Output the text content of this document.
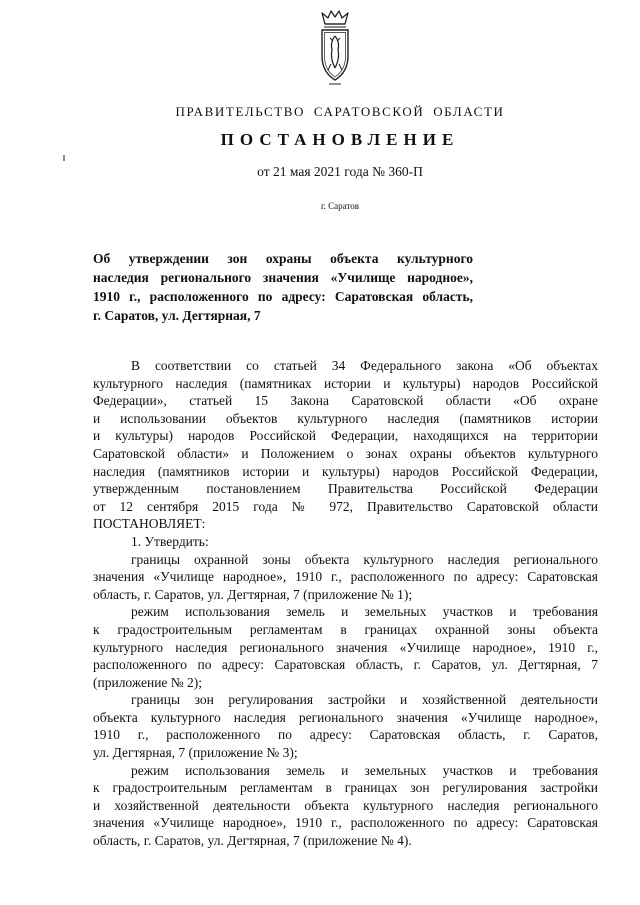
ПРАВИТЕЛЬСТВО САРАТОВСКОЙ ОБЛАСТИ
ПОСТАНОВЛЕНИЕ
от 21 мая 2021 года № 360-П
г. Саратов
Об утверждении зон охраны объекта культурного
наследия регионального значения «Училище народное»,
1910 г., расположенного по адресу: Саратовская область,
г. Саратов, ул. Дегтярная, 7
В соответствии со статьей 34 Федерального закона «Об объектах
культурного наследия (памятниках истории и культуры) народов Российской
Федерации», статьей 15 Закона Саратовской области «Об охране
и использовании объектов культурного наследия (памятников истории
и культуры) народов Российской Федерации, находящихся на территории
Саратовской области» и Положением о зонах охраны объектов культурного
наследия (памятников истории и культуры) народов Российской Федерации,
утвержденным постановлением Правительства Российской Федерации
от 12 сентября 2015 года № 972, Правительство Саратовской области
ПОСТАНОВЛЯЕТ:
1. Утвердить:
границы охранной зоны объекта культурного наследия регионального
значения «Училище народное», 1910 г., расположенного по адресу: Саратовская
область, г. Саратов, ул. Дегтярная, 7 (приложение № 1);
режим использования земель и земельных участков и требования
к градостроительным регламентам в границах охранной зоны объекта
культурного наследия регионального значения «Училище народное», 1910 г.,
расположенного по адресу: Саратовская область, г. Саратов, ул. Дегтярная, 7
(приложение № 2);
границы зон регулирования застройки и хозяйственной деятельности
объекта культурного наследия регионального значения «Училище народное»,
1910 г., расположенного по адресу: Саратовская область, г. Саратов,
ул. Дегтярная, 7 (приложение № 3);
режим использования земель и земельных участков и требования
к градостроительным регламентам в границах зон регулирования застройки
и хозяйственной деятельности объекта культурного наследия регионального
значения «Училище народное», 1910 г., расположенного по адресу: Саратовская
область, г. Саратов, ул. Дегтярная, 7 (приложение № 4).
